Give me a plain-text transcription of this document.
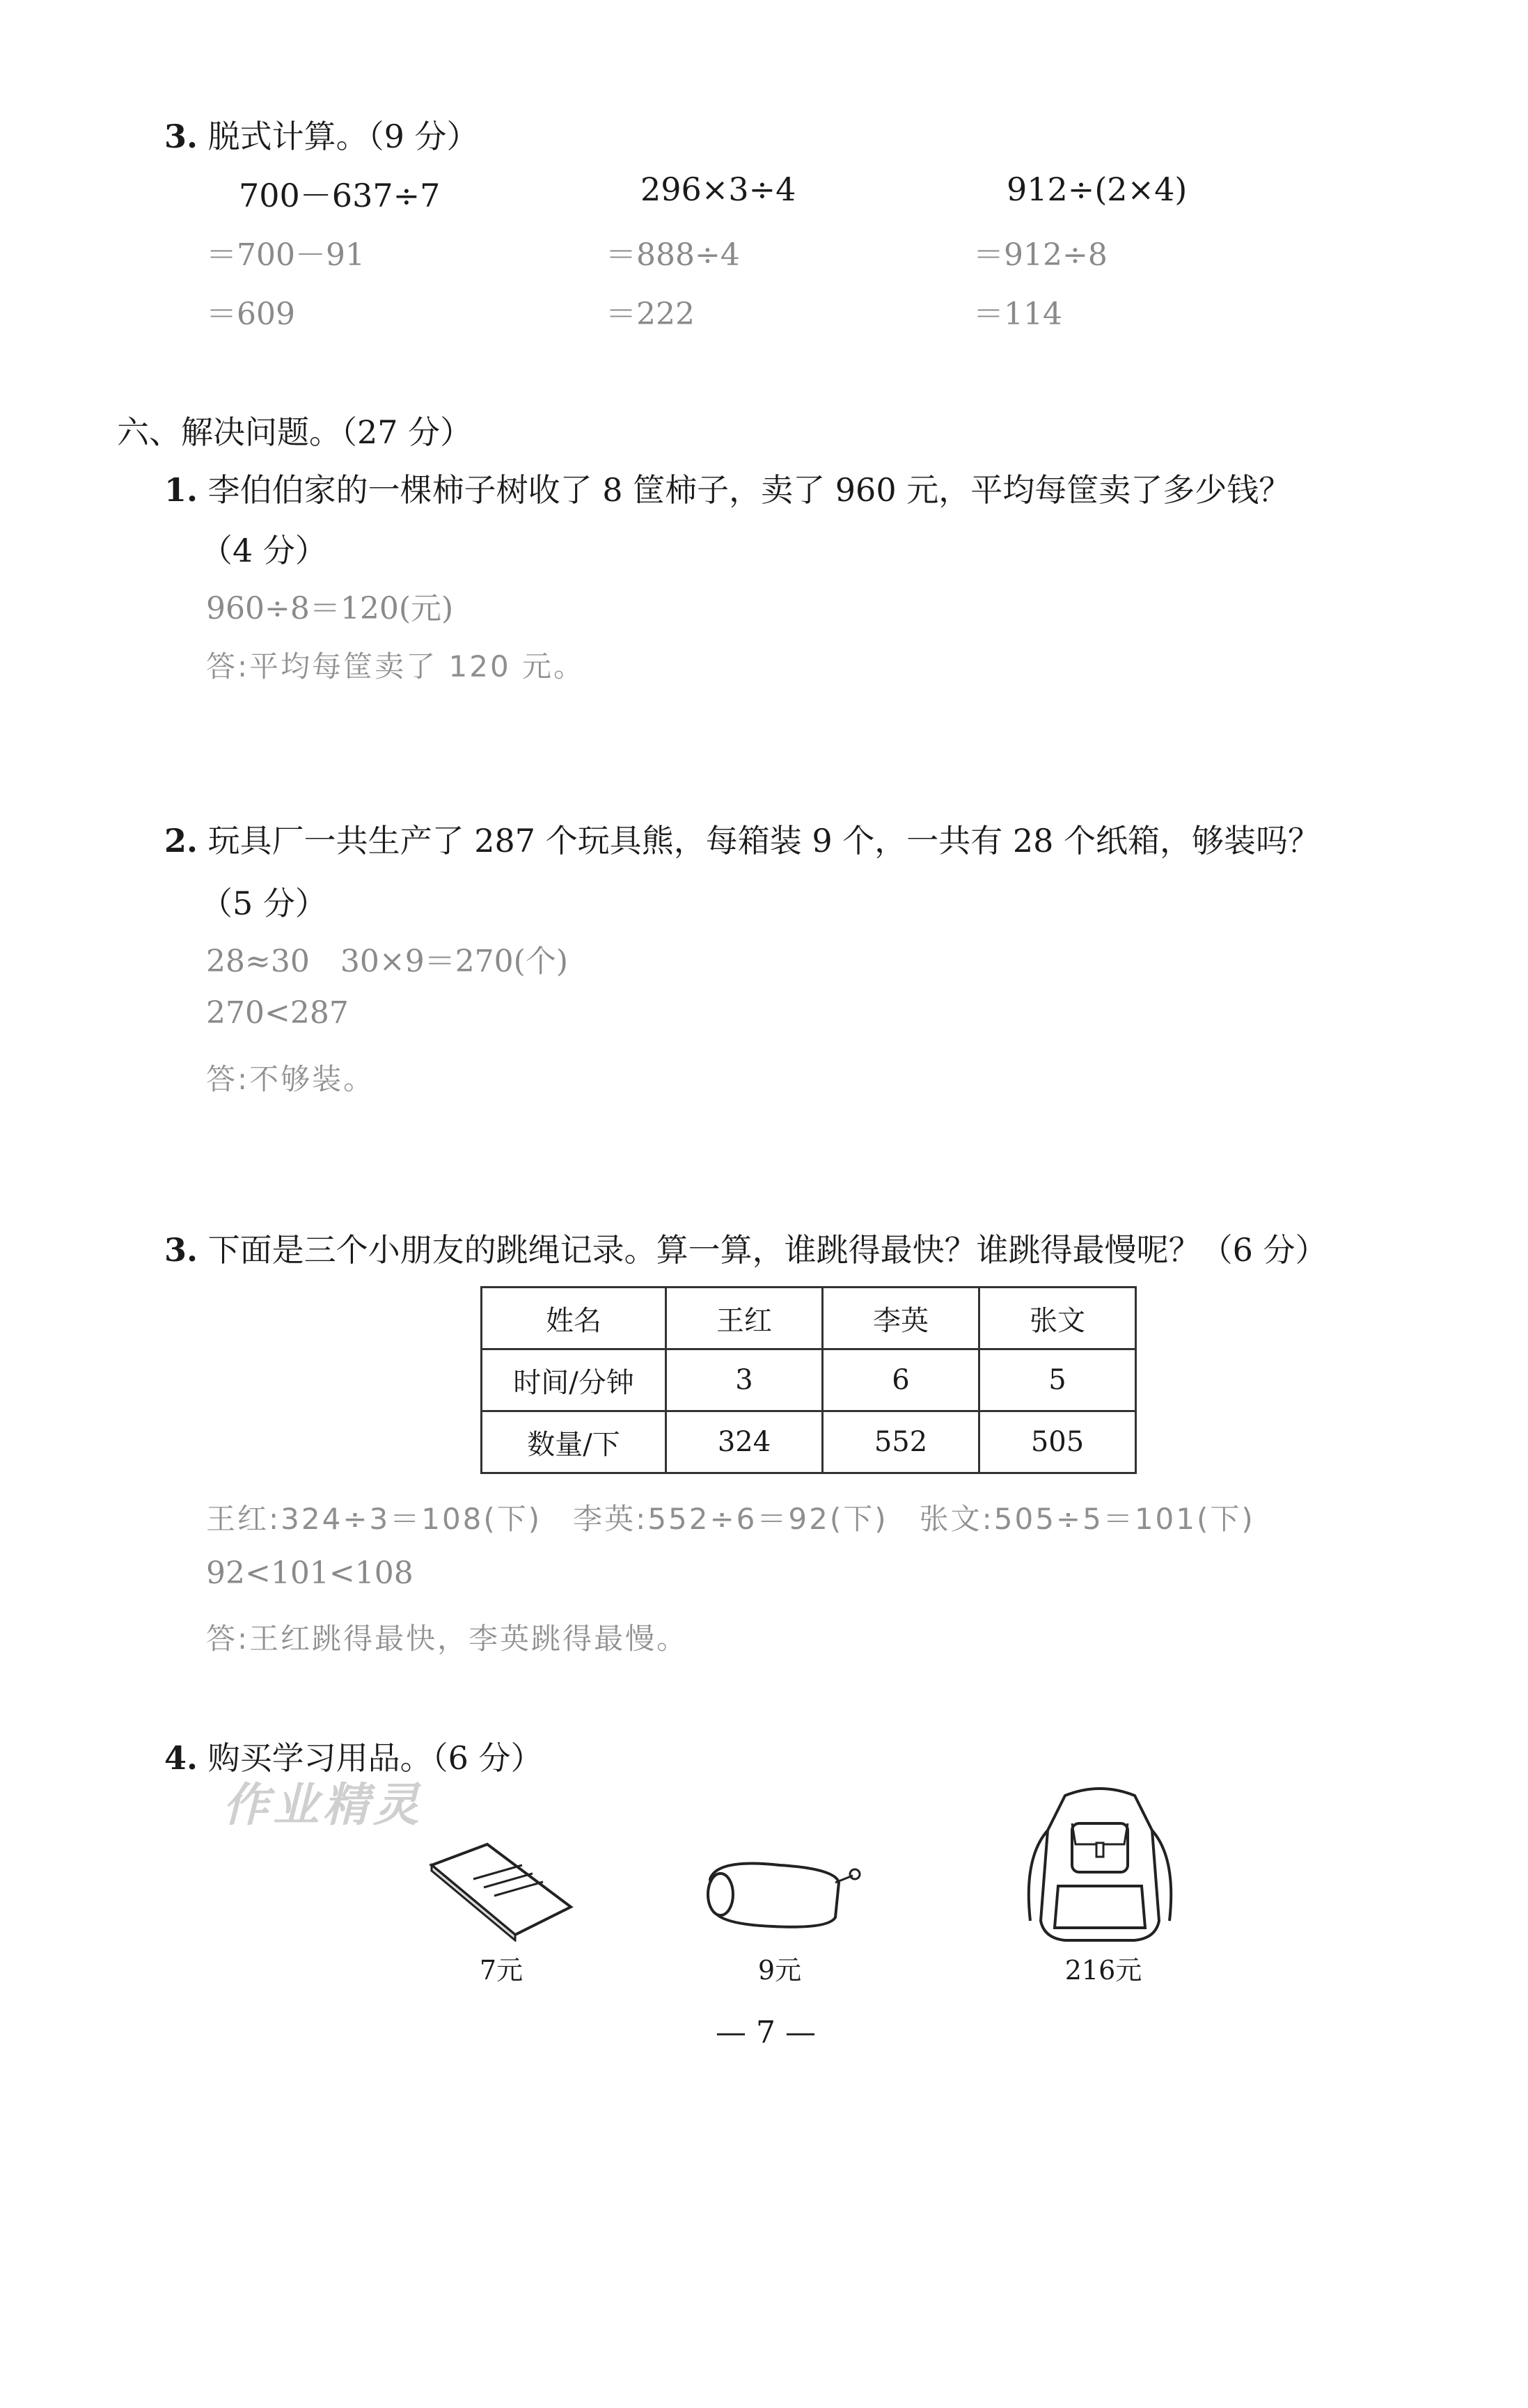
3. 脱式计算。（9 分）
700－637÷7
＝700－91
＝609
296×3÷4
＝888÷4
＝222
912÷(2×4)
＝912÷8
＝114
六、解决问题。（27 分）
1. 李伯伯家的一棵柿子树收了 8 筐柿子，卖了 960 元，平均每筐卖了多少钱？
（4 分）
960÷8＝120(元)
答:平均每筐卖了 120 元。
2. 玩具厂一共生产了 287 个玩具熊，每箱装 9 个，一共有 28 个纸箱，够装吗？
（5 分）
28≈30　30×9＝270(个)
270<287
答:不够装。
3. 下面是三个小朋友的跳绳记录。算一算，谁跳得最快？谁跳得最慢呢？（6 分）
姓名	王红	李英	张文
时间/分钟	3	6	5
数量/下	324	552	505
王红:324÷3＝108(下)　李英:552÷6＝92(下)　张文:505÷5＝101(下)
92<101<108
答:王红跳得最快，李英跳得最慢。
4. 购买学习用品。（6 分）
作业精灵
7元	9元	216元
— 7 —
